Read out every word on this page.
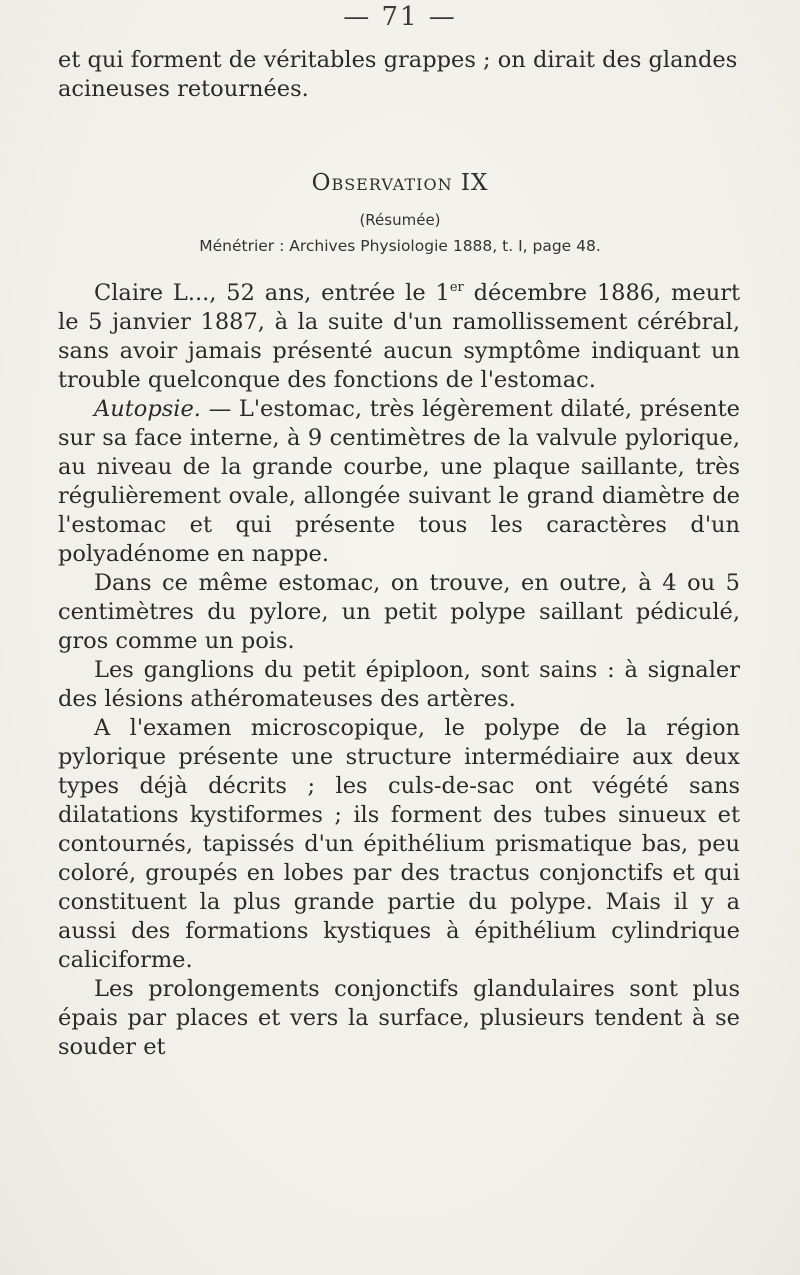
— 71 —

et qui forment de véritables grappes ; on dirait des glandes acineuses retournées.

Observation IX
(Résumée)
Ménétrier : Archives Physiologie 1888, t. I, page 48.

Claire L..., 52 ans, entrée le 1er décembre 1886, meurt le 5 janvier 1887, à la suite d'un ramollissement cérébral, sans avoir jamais présenté aucun symptôme indiquant un trouble quelconque des fonctions de l'estomac.

Autopsie. — L'estomac, très légèrement dilaté, présente sur sa face interne, à 9 centimètres de la valvule pylorique, au niveau de la grande courbe, une plaque saillante, très régulièrement ovale, allongée suivant le grand diamètre de l'estomac et qui présente tous les caractères d'un polyadénome en nappe.

Dans ce même estomac, on trouve, en outre, à 4 ou 5 centimètres du pylore, un petit polype saillant pédiculé, gros comme un pois.

Les ganglions du petit épiploon, sont sains : à signaler des lésions athéromateuses des artères.

A l'examen microscopique, le polype de la région pylorique présente une structure intermédiaire aux deux types déjà décrits ; les culs-de-sac ont végété sans dilatations kystiformes ; ils forment des tubes sinueux et contournés, tapissés d'un épithélium prismatique bas, peu coloré, groupés en lobes par des tractus conjonctifs et qui constituent la plus grande partie du polype. Mais il y a aussi des formations kystiques à épithélium cylindrique caliciforme.

Les prolongements conjonctifs glandulaires sont plus épais par places et vers la surface, plusieurs tendent à se souder et
